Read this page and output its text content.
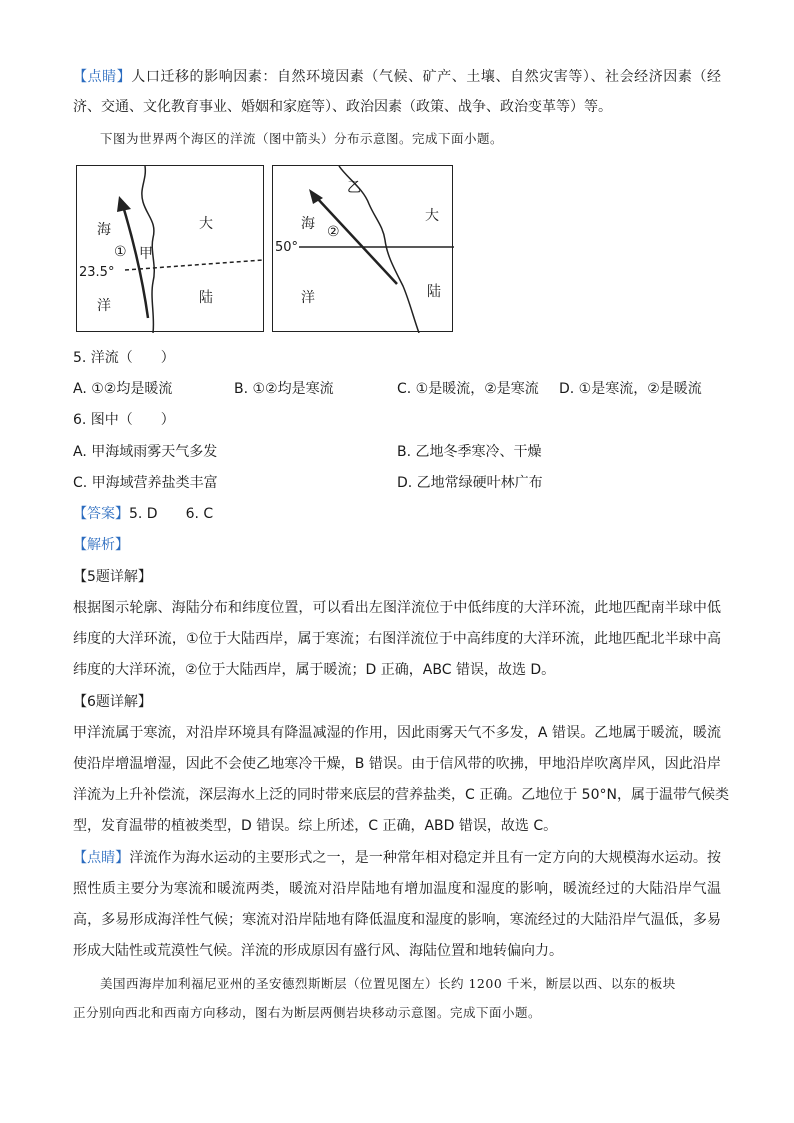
【点睛】人口迁移的影响因素：自然环境因素（气候、矿产、土壤、自然灾害等）、社会经济因素（经
济、交通、文化教育事业、婚姻和家庭等）、政治因素（政策、战争、政治变革等）等。
下图为世界两个海区的洋流（图中箭头）分布示意图。完成下面小题。
海
洋
大
陆
① 甲
23.5°
海
洋
大
陆
②
乙
50°
5. 洋流（　　）
A. ①②均是暖流	B. ①②均是寒流	C. ①是暖流，②是寒流 D. ①是寒流，②是暖流
6. 图中（　　）
A. 甲海域雨雾天气多发	B. 乙地冬季寒冷、干燥
C. 甲海域营养盐类丰富	D. 乙地常绿硬叶林广布
【答案】5. D　　6. C
【解析】
【5题详解】
根据图示轮廓、海陆分布和纬度位置，可以看出左图洋流位于中低纬度的大洋环流，此地匹配南半球中低
纬度的大洋环流，①位于大陆西岸，属于寒流；右图洋流位于中高纬度的大洋环流，此地匹配北半球中高
纬度的大洋环流，②位于大陆西岸，属于暖流；D 正确，ABC 错误，故选 D。
【6题详解】
甲洋流属于寒流，对沿岸环境具有降温减湿的作用，因此雨雾天气不多发，A 错误。乙地属于暖流，暖流
使沿岸增温增湿，因此不会使乙地寒冷干燥，B 错误。由于信风带的吹拂，甲地沿岸吹离岸风，因此沿岸
洋流为上升补偿流，深层海水上泛的同时带来底层的营养盐类，C 正确。乙地位于 50°N，属于温带气候类
型，发育温带的植被类型，D 错误。综上所述，C 正确，ABD 错误，故选 C。
【点睛】洋流作为海水运动的主要形式之一，是一种常年相对稳定并且有一定方向的大规模海水运动。按
照性质主要分为寒流和暖流两类，暖流对沿岸陆地有增加温度和湿度的影响，暖流经过的大陆沿岸气温
高，多易形成海洋性气候；寒流对沿岸陆地有降低温度和湿度的影响，寒流经过的大陆沿岸气温低，多易
形成大陆性或荒漠性气候。洋流的形成原因有盛行风、海陆位置和地转偏向力。
美国西海岸加利福尼亚州的圣安德烈斯断层（位置见图左）长约 1200 千米，断层以西、以东的板块
正分别向西北和西南方向移动，图右为断层两侧岩块移动示意图。完成下面小题。
